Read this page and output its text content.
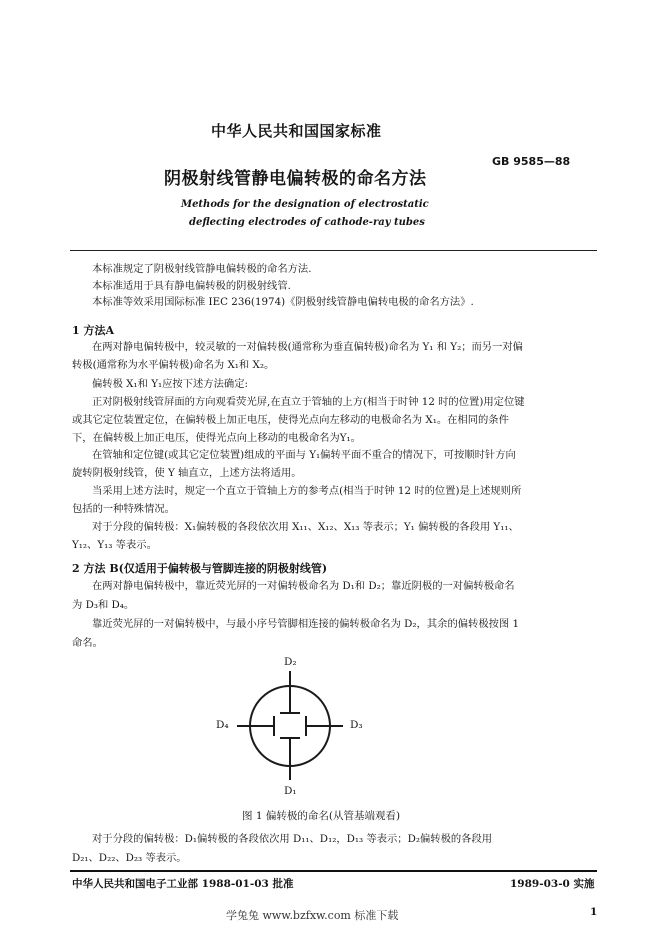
中华人民共和国国家标准
GB 9585—88
阴极射线管静电偏转极的命名方法
Methods for the designation of electrostatic
deflecting electrodes of cathode-ray tubes
本标准规定了阴极射线管静电偏转极的命名方法.
本标准适用于具有静电偏转极的阴极射线管.
本标准等效采用国际标准 IEC 236(1974)《阴极射线管静电偏转电极的命名方法》.
1 方法A
在两对静电偏转极中，较灵敏的一对偏转极(通常称为垂直偏转极)命名为 Y₁ 和 Y₂；而另一对偏
转极(通常称为水平偏转极)命名为 X₁和 X₂。
偏转极 X₁和 Y₁应按下述方法确定:
正对阴极射线管屏面的方向观看荧光屏,在直立于管轴的上方(相当于时钟 12 时的位置)用定位键
或其它定位装置定位，在偏转极上加正电压，使得光点向左移动的电极命名为 X₁。在相同的条件
下，在偏转极上加正电压，使得光点向上移动的电极命名为Y₁。
在管轴和定位键(或其它定位装置)组成的平面与 Y₁偏转平面不重合的情况下，可按顺时针方向
旋转阴极射线管，使 Y 轴直立，上述方法将适用。
当采用上述方法时，规定一个直立于管轴上方的参考点(相当于时钟 12 时的位置)是上述规则所
包括的一种特殊情况。
对于分段的偏转极：X₁偏转极的各段依次用 X₁₁、X₁₂、X₁₃ 等表示；Y₁ 偏转极的各段用 Y₁₁、
Y₁₂、Y₁₃ 等表示。
2 方法 B(仅适用于偏转极与管脚连接的阴极射线管)
在两对静电偏转极中，靠近荧光屏的一对偏转极命名为 D₁和 D₂；靠近阴极的一对偏转极命名
为 D₃和 D₄。
靠近荧光屏的一对偏转极中，与最小序号管脚相连接的偏转极命名为 D₂，其余的偏转极按图 1
命名。
D₂
D₄	D₃
D₁
图 1 偏转极的命名(从管基端观看)
对于分段的偏转极：D₁偏转极的各段依次用 D₁₁、D₁₂，D₁₃ 等表示；D₂偏转极的各段用
D₂₁、D₂₂、D₂₃ 等表示。
中华人民共和国电子工业部 1988-01-03 批准	1989-03-0 实施
学兔兔 www.bzfxw.com 标准下载	1
